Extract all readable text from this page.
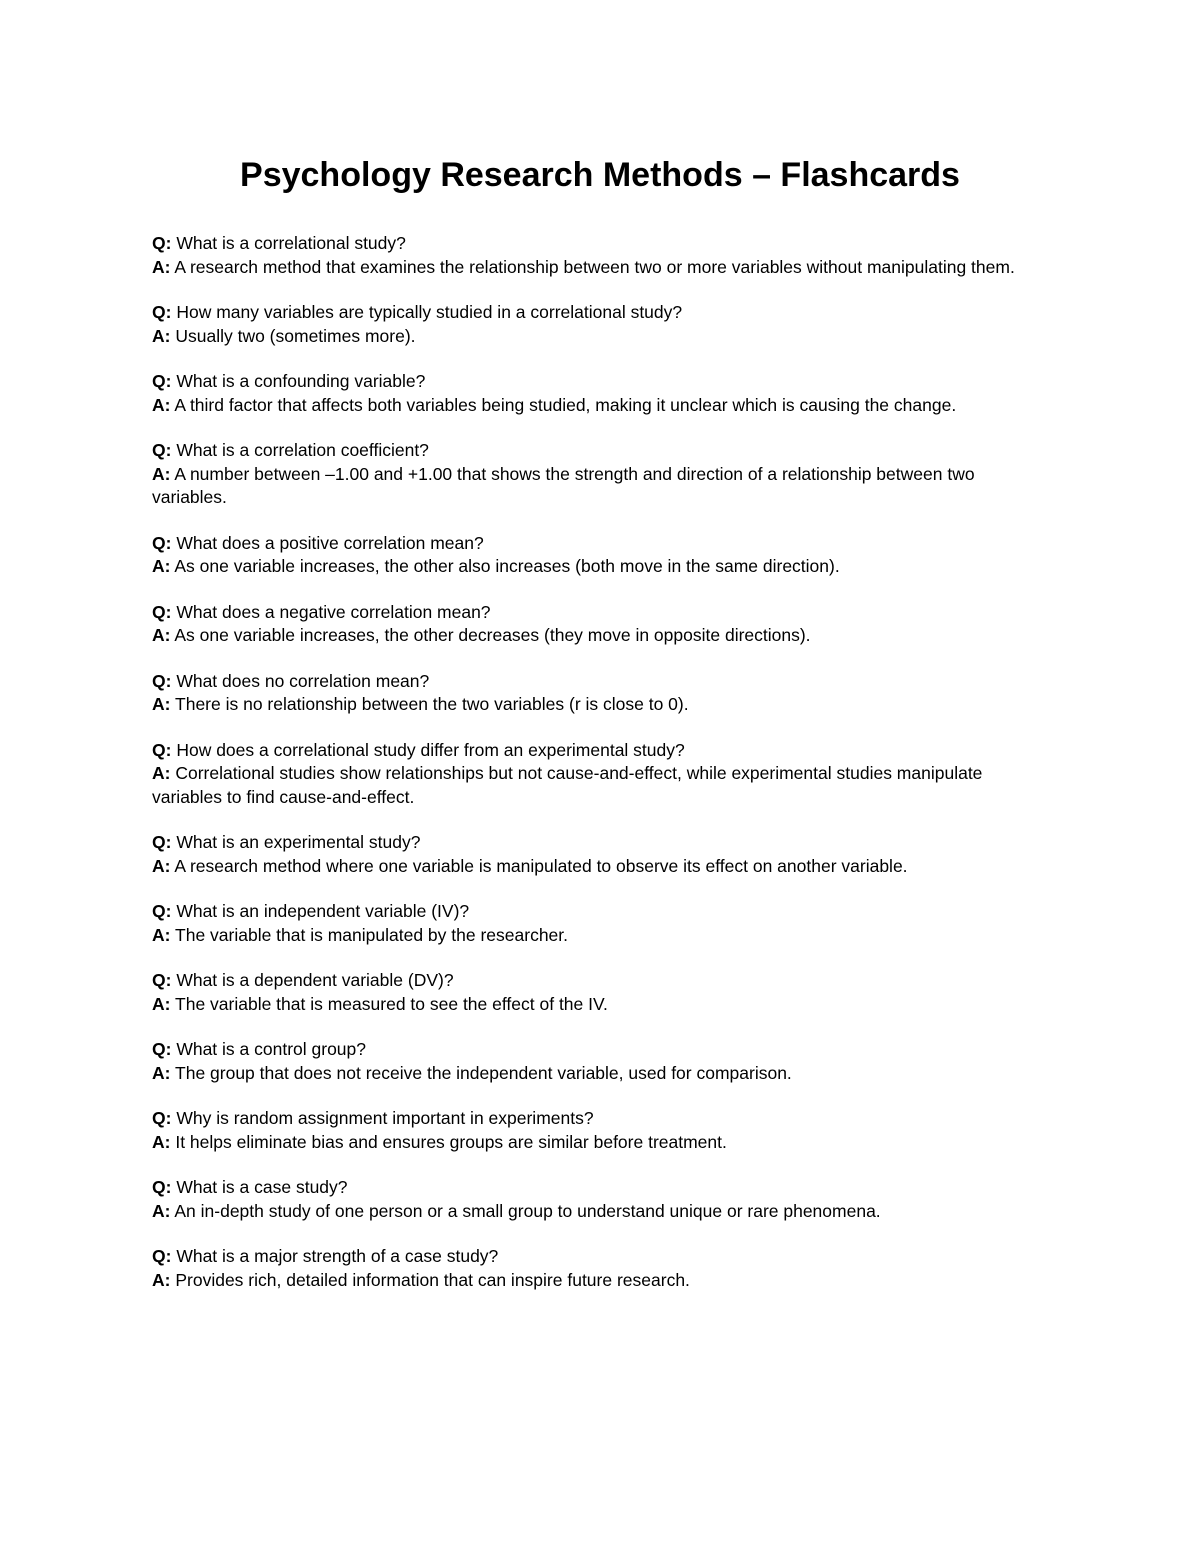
Psychology Research Methods – Flashcards
Q: What is a correlational study?
A: A research method that examines the relationship between two or more variables without manipulating them.
Q: How many variables are typically studied in a correlational study?
A: Usually two (sometimes more).
Q: What is a confounding variable?
A: A third factor that affects both variables being studied, making it unclear which is causing the change.
Q: What is a correlation coefficient?
A: A number between –1.00 and +1.00 that shows the strength and direction of a relationship between two variables.
Q: What does a positive correlation mean?
A: As one variable increases, the other also increases (both move in the same direction).
Q: What does a negative correlation mean?
A: As one variable increases, the other decreases (they move in opposite directions).
Q: What does no correlation mean?
A: There is no relationship between the two variables (r is close to 0).
Q: How does a correlational study differ from an experimental study?
A: Correlational studies show relationships but not cause-and-effect, while experimental studies manipulate variables to find cause-and-effect.
Q: What is an experimental study?
A: A research method where one variable is manipulated to observe its effect on another variable.
Q: What is an independent variable (IV)?
A: The variable that is manipulated by the researcher.
Q: What is a dependent variable (DV)?
A: The variable that is measured to see the effect of the IV.
Q: What is a control group?
A: The group that does not receive the independent variable, used for comparison.
Q: Why is random assignment important in experiments?
A: It helps eliminate bias and ensures groups are similar before treatment.
Q: What is a case study?
A: An in-depth study of one person or a small group to understand unique or rare phenomena.
Q: What is a major strength of a case study?
A: Provides rich, detailed information that can inspire future research.
